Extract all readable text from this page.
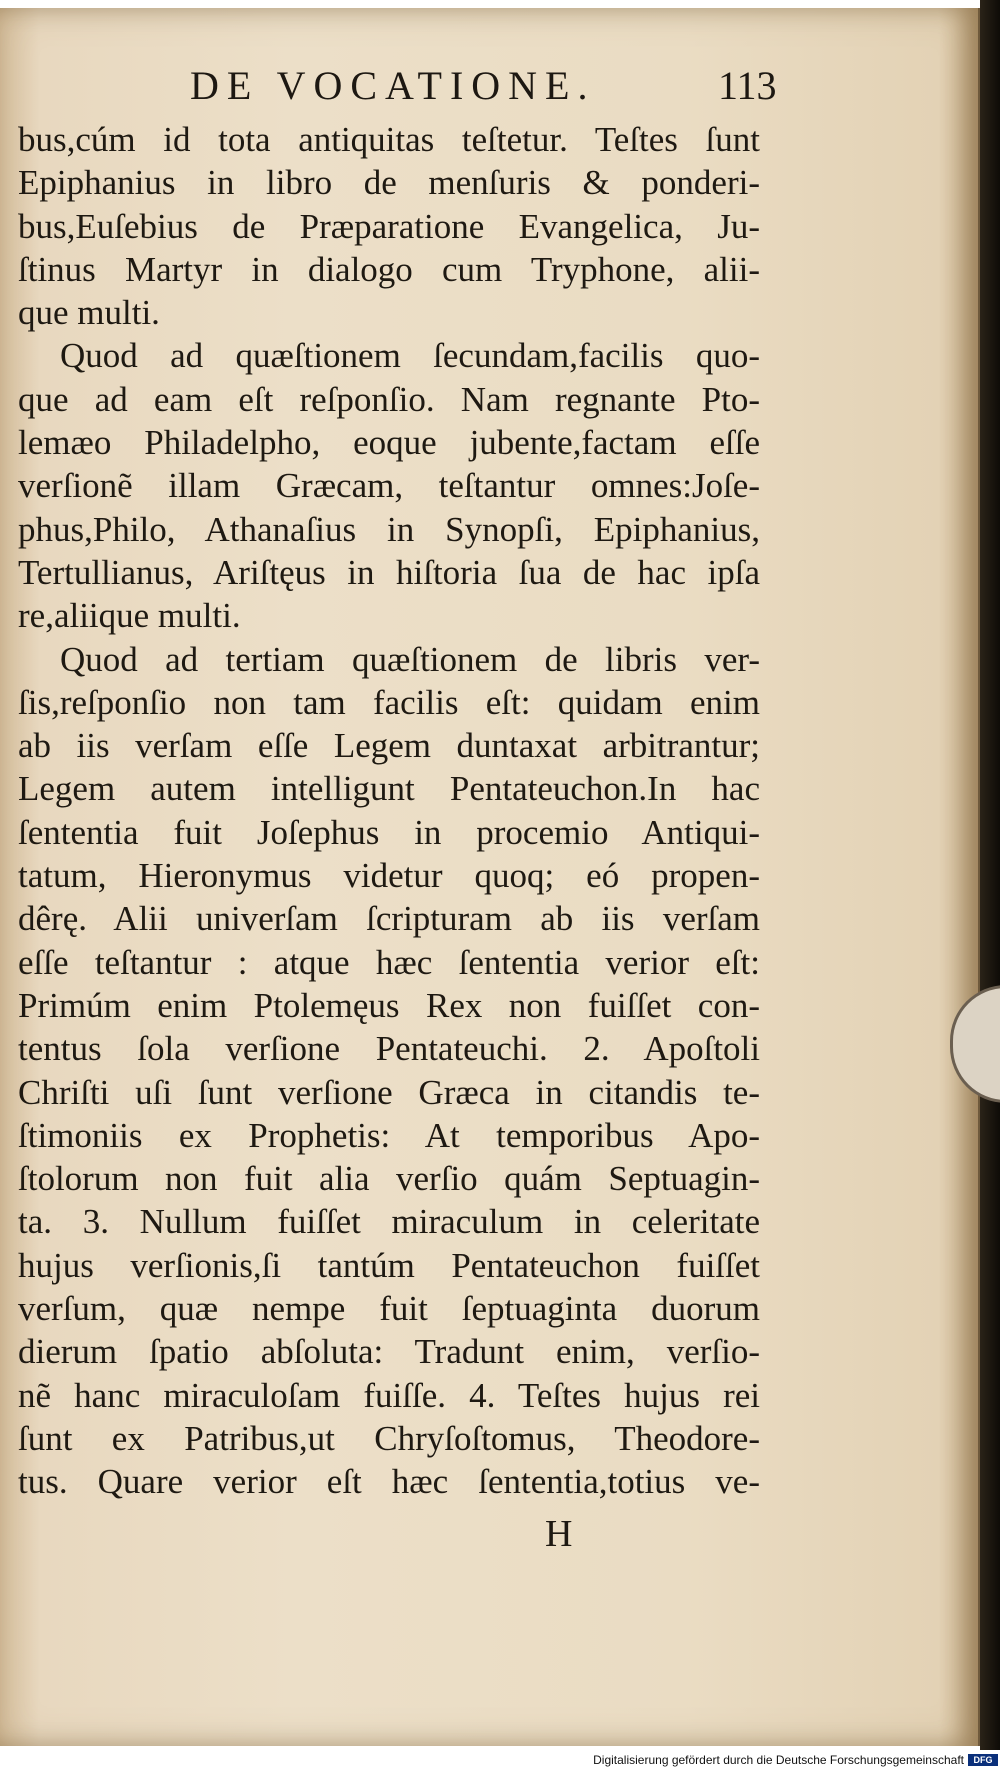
DE VOCATIONE.	113
bus,cúm id tota antiquitas teſtetur. Teſtes ſunt
Epiphanius in libro de menſuris & ponderi-
bus,Euſebius de Præparatione Evangelica, Ju-
ſtinus Martyr in dialogo cum Tryphone, alii-
que multi.
Quod ad quæſtionem ſecundam,facilis quo-
que ad eam eſt reſponſio. Nam regnante Pto-
lemæo Philadelpho, eoque jubente,factam eſſe
verſionẽ illam Græcam, teſtantur omnes:Joſe-
phus,Philo, Athanaſius in Synopſi, Epiphanius,
Tertullianus, Ariſtęus in hiſtoria ſua de hac ipſa
re,aliique multi.
Quod ad tertiam quæſtionem de libris ver-
ſis,reſponſio non tam facilis eſt: quidam enim
ab iis verſam eſſe Legem duntaxat arbitrantur;
Legem autem intelligunt Pentateuchon.In hac
ſententia fuit Joſephus in procemio Antiqui-
tatum, Hieronymus videtur quoq; eó propen-
dêrę. Alii univerſam ſcripturam ab iis verſam
eſſe teſtantur : atque hæc ſententia verior eſt:
Primúm enim Ptolemęus Rex non fuiſſet con-
tentus ſola verſione Pentateuchi. 2. Apoſtoli
Chriſti uſi ſunt verſione Græca in citandis te-
ſtimoniis ex Prophetis: At temporibus Apo-
ſtolorum non fuit alia verſio quám Septuagin-
ta. 3. Nullum fuiſſet miraculum in celeritate
hujus verſionis,ſi tantúm Pentateuchon fuiſſet
verſum, quæ nempe fuit ſeptuaginta duorum
dierum ſpatio abſoluta: Tradunt enim, verſio-
nẽ hanc miraculoſam fuiſſe. 4. Teſtes hujus rei
ſunt ex Patribus,ut Chryſoſtomus, Theodore-
tus. Quare verior eſt hæc ſententia,totius ve-
H
Digitalisierung gefördert durch die Deutsche Forschungsgemeinschaft	DFG
